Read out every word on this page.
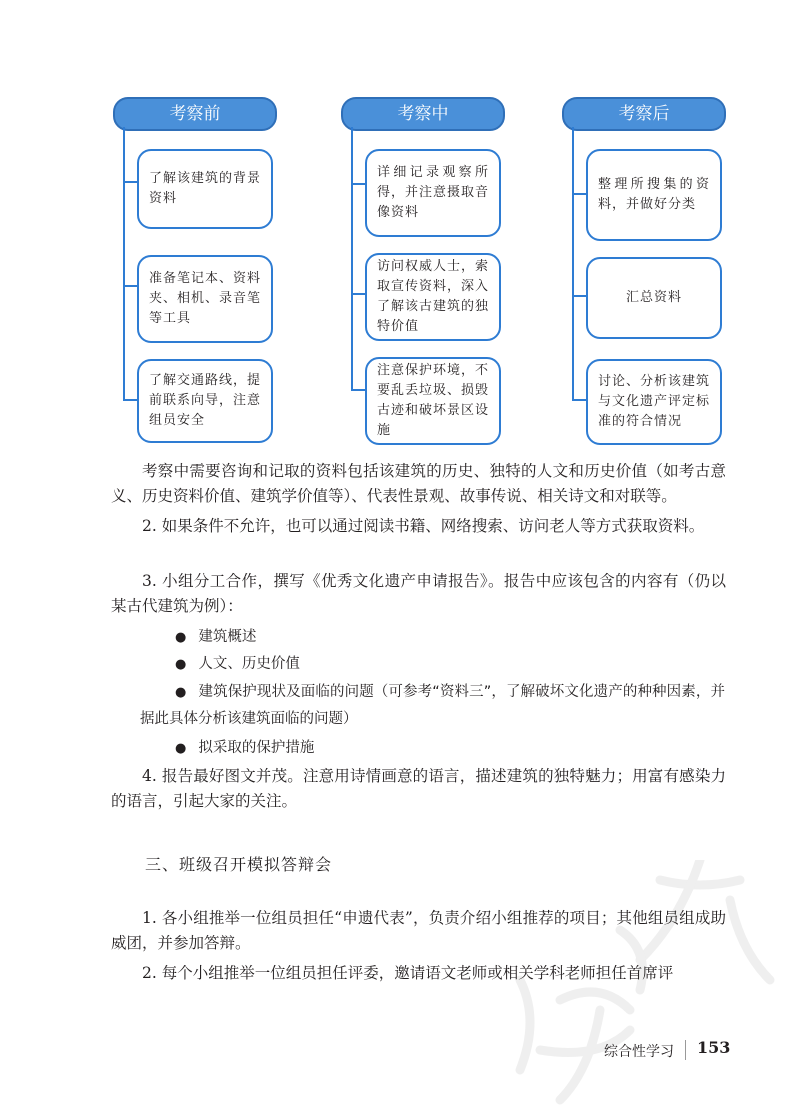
考察前
了解该建筑的背景资料
准备笔记本、资料夹、相机、录音笔等工具
了解交通路线，提前联系向导，注意组员安全
考察中
详细记录观察所得，并注意摄取音像资料
访问权威人士，索取宣传资料，深入了解该古建筑的独特价值
注意保护环境，不要乱丢垃圾、损毁古迹和破坏景区设施
考察后
整理所搜集的资料，并做好分类
汇总资料
讨论、分析该建筑与文化遗产评定标准的符合情况

考察中需要咨询和记取的资料包括该建筑的历史、独特的人文和历史价值（如考古意义、历史资料价值、建筑学价值等）、代表性景观、故事传说、相关诗文和对联等。

2. 如果条件不允许，也可以通过阅读书籍、网络搜索、访问老人等方式获取资料。

3. 小组分工合作，撰写《优秀文化遗产申请报告》。报告中应该包含的内容有（仍以某古代建筑为例）：

● 建筑概述
● 人文、历史价值
● 建筑保护现状及面临的问题（可参考“资料三”，了解破坏文化遗产的种种因素，并据此具体分析该建筑面临的问题）
● 拟采取的保护措施

4. 报告最好图文并茂。注意用诗情画意的语言，描述建筑的独特魅力；用富有感染力的语言，引起大家的关注。

三、班级召开模拟答辩会

1. 各小组推举一位组员担任“申遗代表”，负责介绍小组推荐的项目；其他组员组成助威团，并参加答辩。

2. 每个小组推举一位组员担任评委，邀请语文老师或相关学科老师担任首席评

综合性学习 153
